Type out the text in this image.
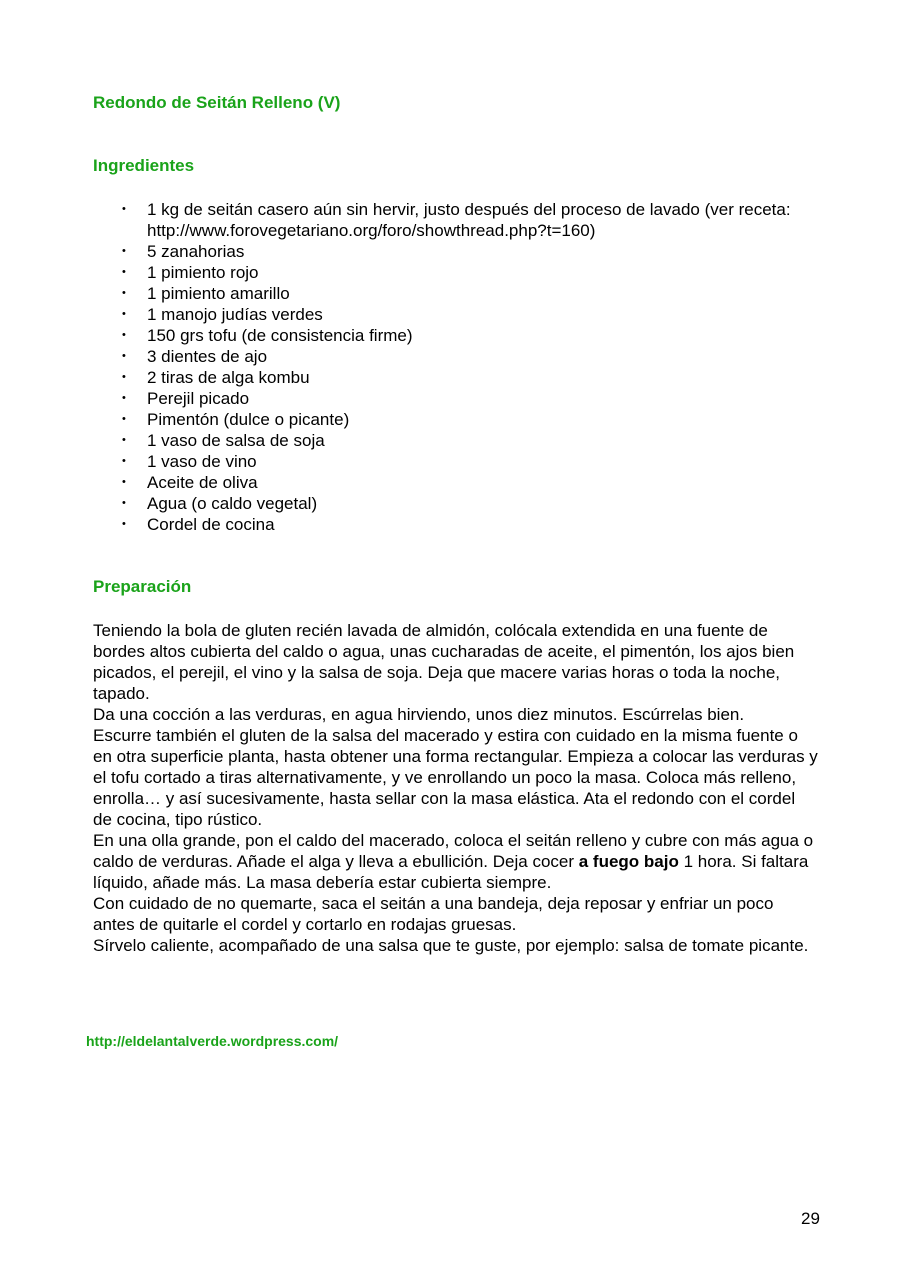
Redondo de Seitán Relleno (V)
Ingredientes
• 1 kg de seitán casero aún sin hervir, justo después del proceso de lavado (ver receta: http://www.forovegetariano.org/foro/showthread.php?t=160)
• 5 zanahorias
• 1 pimiento rojo
• 1 pimiento amarillo
• 1 manojo judías verdes
• 150 grs tofu (de consistencia firme)
• 3 dientes de ajo
• 2 tiras de alga kombu
• Perejil picado
• Pimentón (dulce o picante)
• 1 vaso de salsa de soja
• 1 vaso de vino
• Aceite de oliva
• Agua (o caldo vegetal)
• Cordel de cocina
Preparación

Teniendo la bola de gluten recién lavada de almidón, colócala extendida en una fuente de bordes altos cubierta del caldo o agua, unas cucharadas de aceite, el pimentón, los ajos bien picados, el perejil, el vino y la salsa de soja. Deja que macere varias horas o toda la noche, tapado.

Da una cocción a las verduras, en agua hirviendo, unos diez minutos. Escúrrelas bien.

Escurre también el gluten de la salsa del macerado y estira con cuidado en la misma fuente o en otra superficie planta, hasta obtener una forma rectangular. Empieza a colocar las verduras y el tofu cortado a tiras alternativamente, y ve enrollando un poco la masa. Coloca más relleno, enrolla… y así sucesivamente, hasta sellar con la masa elástica. Ata el redondo con el cordel de cocina, tipo rústico.

En una olla grande, pon el caldo del macerado, coloca el seitán relleno y cubre con más agua o caldo de verduras. Añade el alga y lleva a ebullición. Deja cocer a fuego bajo 1 hora. Si faltara líquido, añade más. La masa debería estar cubierta siempre.

Con cuidado de no quemarte, saca el seitán a una bandeja, deja reposar y enfriar un poco antes de quitarle el cordel y cortarlo en rodajas gruesas.

Sírvelo caliente, acompañado de una salsa que te guste, por ejemplo: salsa de tomate picante.

http://eldelantalverde.wordpress.com/
29
